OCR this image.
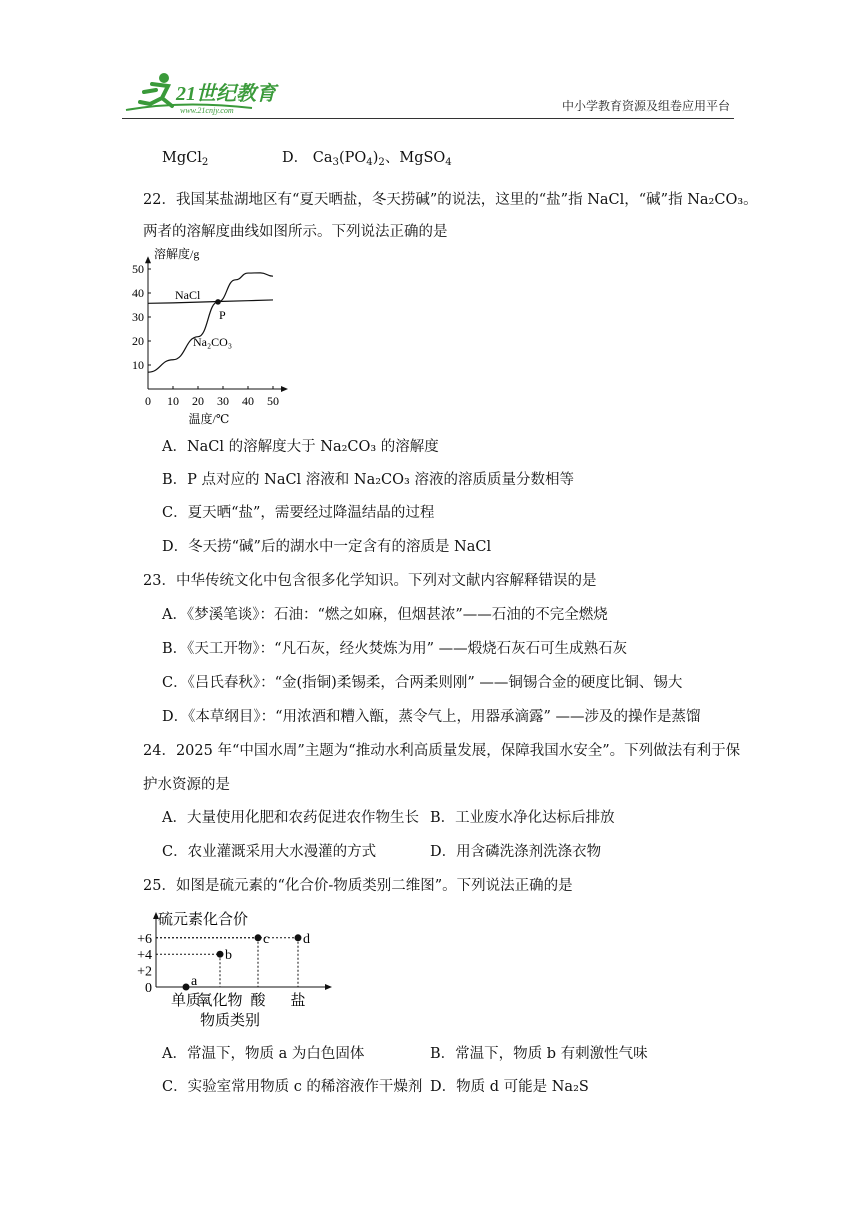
21世纪教育
www.21cnjy.com	中小学教育资源及组卷应用平台
MgCl$_2$	D． $Ca_3(PO_4)_2$、MgSO$_4$
22．我国某盐湖地区有“夏天晒盐，冬天捞碱”的说法，这里的“盐”指 NaCl，“碱”指 Na₂CO₃。
两者的溶解度曲线如图所示。下列说法正确的是
0 10 20 30 40 50
10
20
30
40
50
溶解度/g
温度/℃
NaCl
Na₂CO₃
P
A．NaCl 的溶解度大于 Na₂CO₃ 的溶解度
B．P 点对应的 NaCl 溶液和 Na₂CO₃ 溶液的溶质质量分数相等
C．夏天晒“盐”，需要经过降温结晶的过程
D．冬天捞“碱”后的湖水中一定含有的溶质是 NaCl
23．中华传统文化中包含很多化学知识。下列对文献内容解释错误的是
A．《梦溪笔谈》：石油：“燃之如麻，但烟甚浓”——石油的不完全燃烧
B．《天工开物》：“凡石灰，经火焚炼为用” ——煅烧石灰石可生成熟石灰
C．《吕氏春秋》：“金(指铜)柔锡柔，合两柔则刚” ——铜锡合金的硬度比铜、锡大
D．《本草纲目》：“用浓酒和糟入甑，蒸令气上，用器承滴露” ——涉及的操作是蒸馏
24．2025 年“中国水周”主题为“推动水利高质量发展，保障我国水安全”。下列做法有利于保
护水资源的是
A．大量使用化肥和农药促进农作物生长 B．工业废水净化达标后排放
C．农业灌溉采用大水漫灌的方式	D．用含磷洗涤剂洗涤衣物
25．如图是硫元素的“化合价-物质类别二维图”。下列说法正确的是
硫元素化合价
+6
+4
+2
0
单质
氧化物 酸 盐
物质类别
a
b
c d
A．常温下，物质 a 为白色固体	B．常温下，物质 b 有刺激性气味
C．实验室常用物质 c 的稀溶液作干燥剂 D．物质 d 可能是 Na₂S
